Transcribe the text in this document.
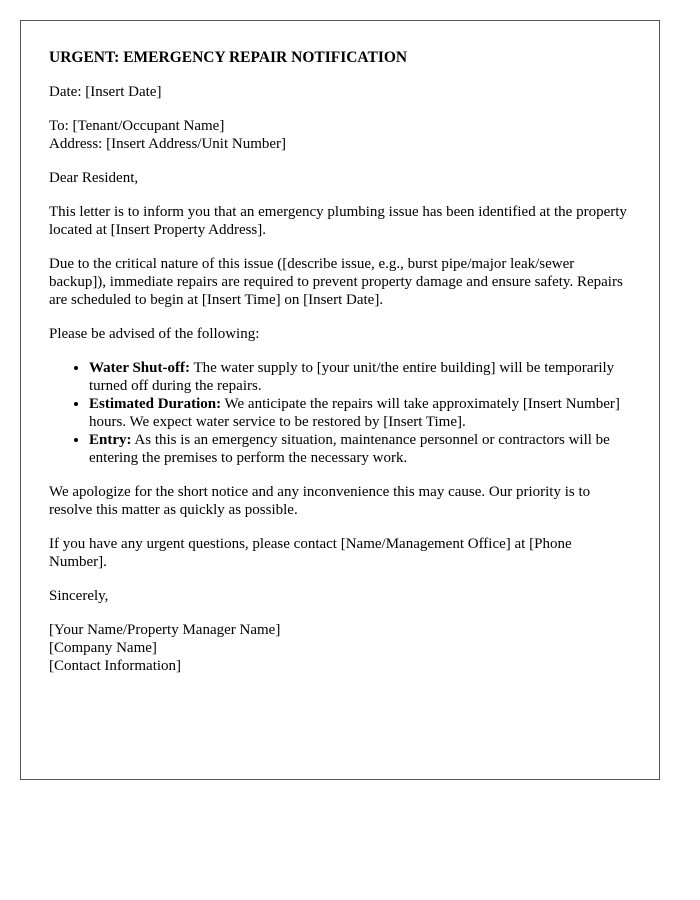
URGENT: EMERGENCY REPAIR NOTIFICATION

Date: [Insert Date]

To: [Tenant/Occupant Name]
Address: [Insert Address/Unit Number]

Dear Resident,

This letter is to inform you that an emergency plumbing issue has been identified at the property located at [Insert Property Address].

Due to the critical nature of this issue ([describe issue, e.g., burst pipe/major leak/sewer backup]), immediate repairs are required to prevent property damage and ensure safety. Repairs are scheduled to begin at [Insert Time] on [Insert Date].

Please be advised of the following:

• Water Shut-off: The water supply to [your unit/the entire building] will be temporarily turned off during the repairs.
• Estimated Duration: We anticipate the repairs will take approximately [Insert Number] hours. We expect water service to be restored by [Insert Time].
• Entry: As this is an emergency situation, maintenance personnel or contractors will be entering the premises to perform the necessary work.

We apologize for the short notice and any inconvenience this may cause. Our priority is to resolve this matter as quickly as possible.

If you have any urgent questions, please contact [Name/Management Office] at [Phone Number].

Sincerely,

[Your Name/Property Manager Name]
[Company Name]
[Contact Information]
